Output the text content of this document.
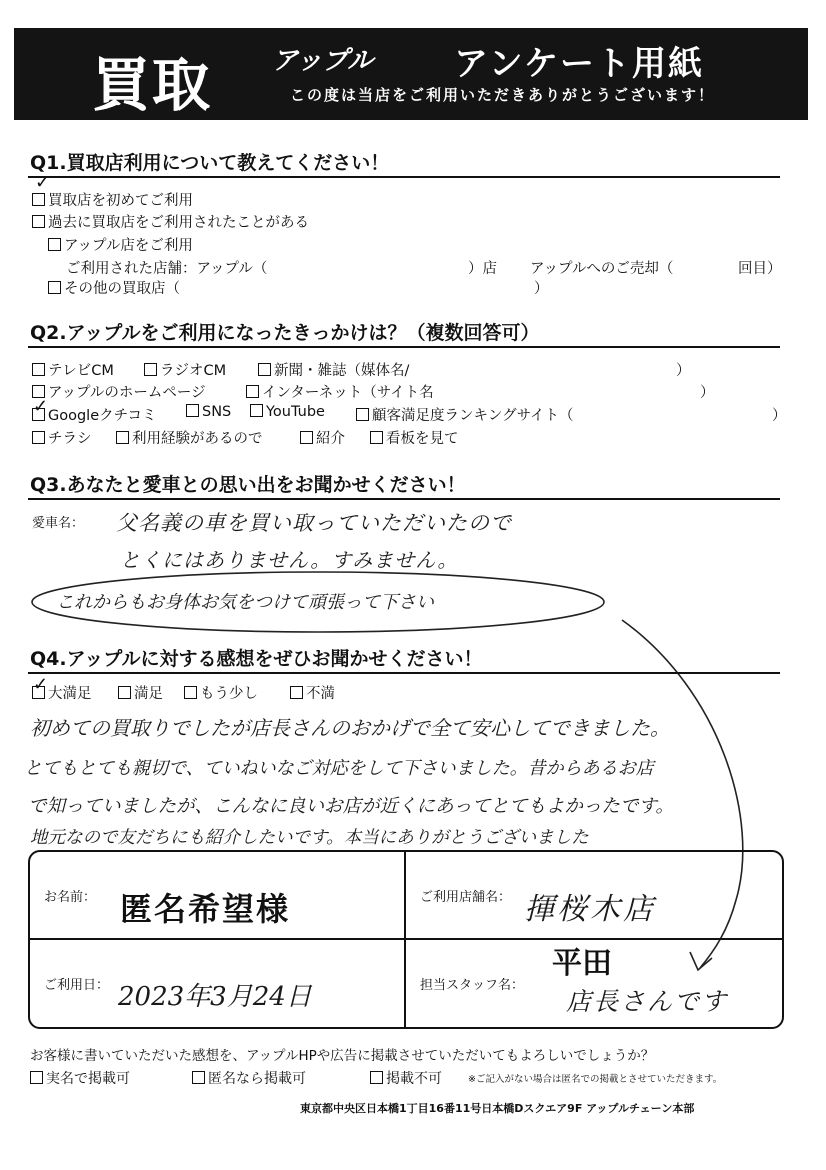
買取 アップル アンケート用紙
この度は当店をご利用いただきありがとうございます！
Q1.買取店利用について教えてください！
買取店を初めてご利用
✓
過去に買取店をご利用されたことがある
アップル店をご利用
ご利用された店舗：アップル（	）店 アップルへのご売却（	回目）
その他の買取店（	）
Q2.アップルをご利用になったきっかけは？（複数回答可）
テレビCM	ラジオCM	新聞・雑誌（媒体名/	）
アップルのホームページ	インターネット（サイト名	）
Googleクチコミ
✓	SNS	YouTube	顧客満足度ランキングサイト（	）
チラシ	利用経験があるので	紹介	看板を見て
Q3.あなたと愛車との思い出をお聞かせください！
愛車名： 父名義の車を買い取っていただいたので
とくにはありません。すみません。
これからもお身体お気をつけて頑張って下さい
Q4.アップルに対する感想をぜひお聞かせください！
大満足
✓	満足	もう少し	不満
初めての買取りでしたが店長さんのおかげで全て安心してできました。
とてもとても親切で、ていねいなご対応をして下さいました。昔からあるお店
で知っていましたが、こんなに良いお店が近くにあってとてもよかったです。
地元なので友だちにも紹介したいです。本当にありがとうございました
お名前： 匿名希望様	ご利用店舗名： 揮桜木店
ご利用日： 2023年3月24日	担当スタッフ名：
平田
店長さんです
お客様に書いていただいた感想を、アップルHPや広告に掲載させていただいてもよろしいでしょうか？
実名で掲載可	匿名なら掲載可	掲載不可	※ご記入がない場合は匿名での掲載とさせていただきます。
東京都中央区日本橋1丁目16番11号日本橋Dスクエア9F アップルチェーン本部
